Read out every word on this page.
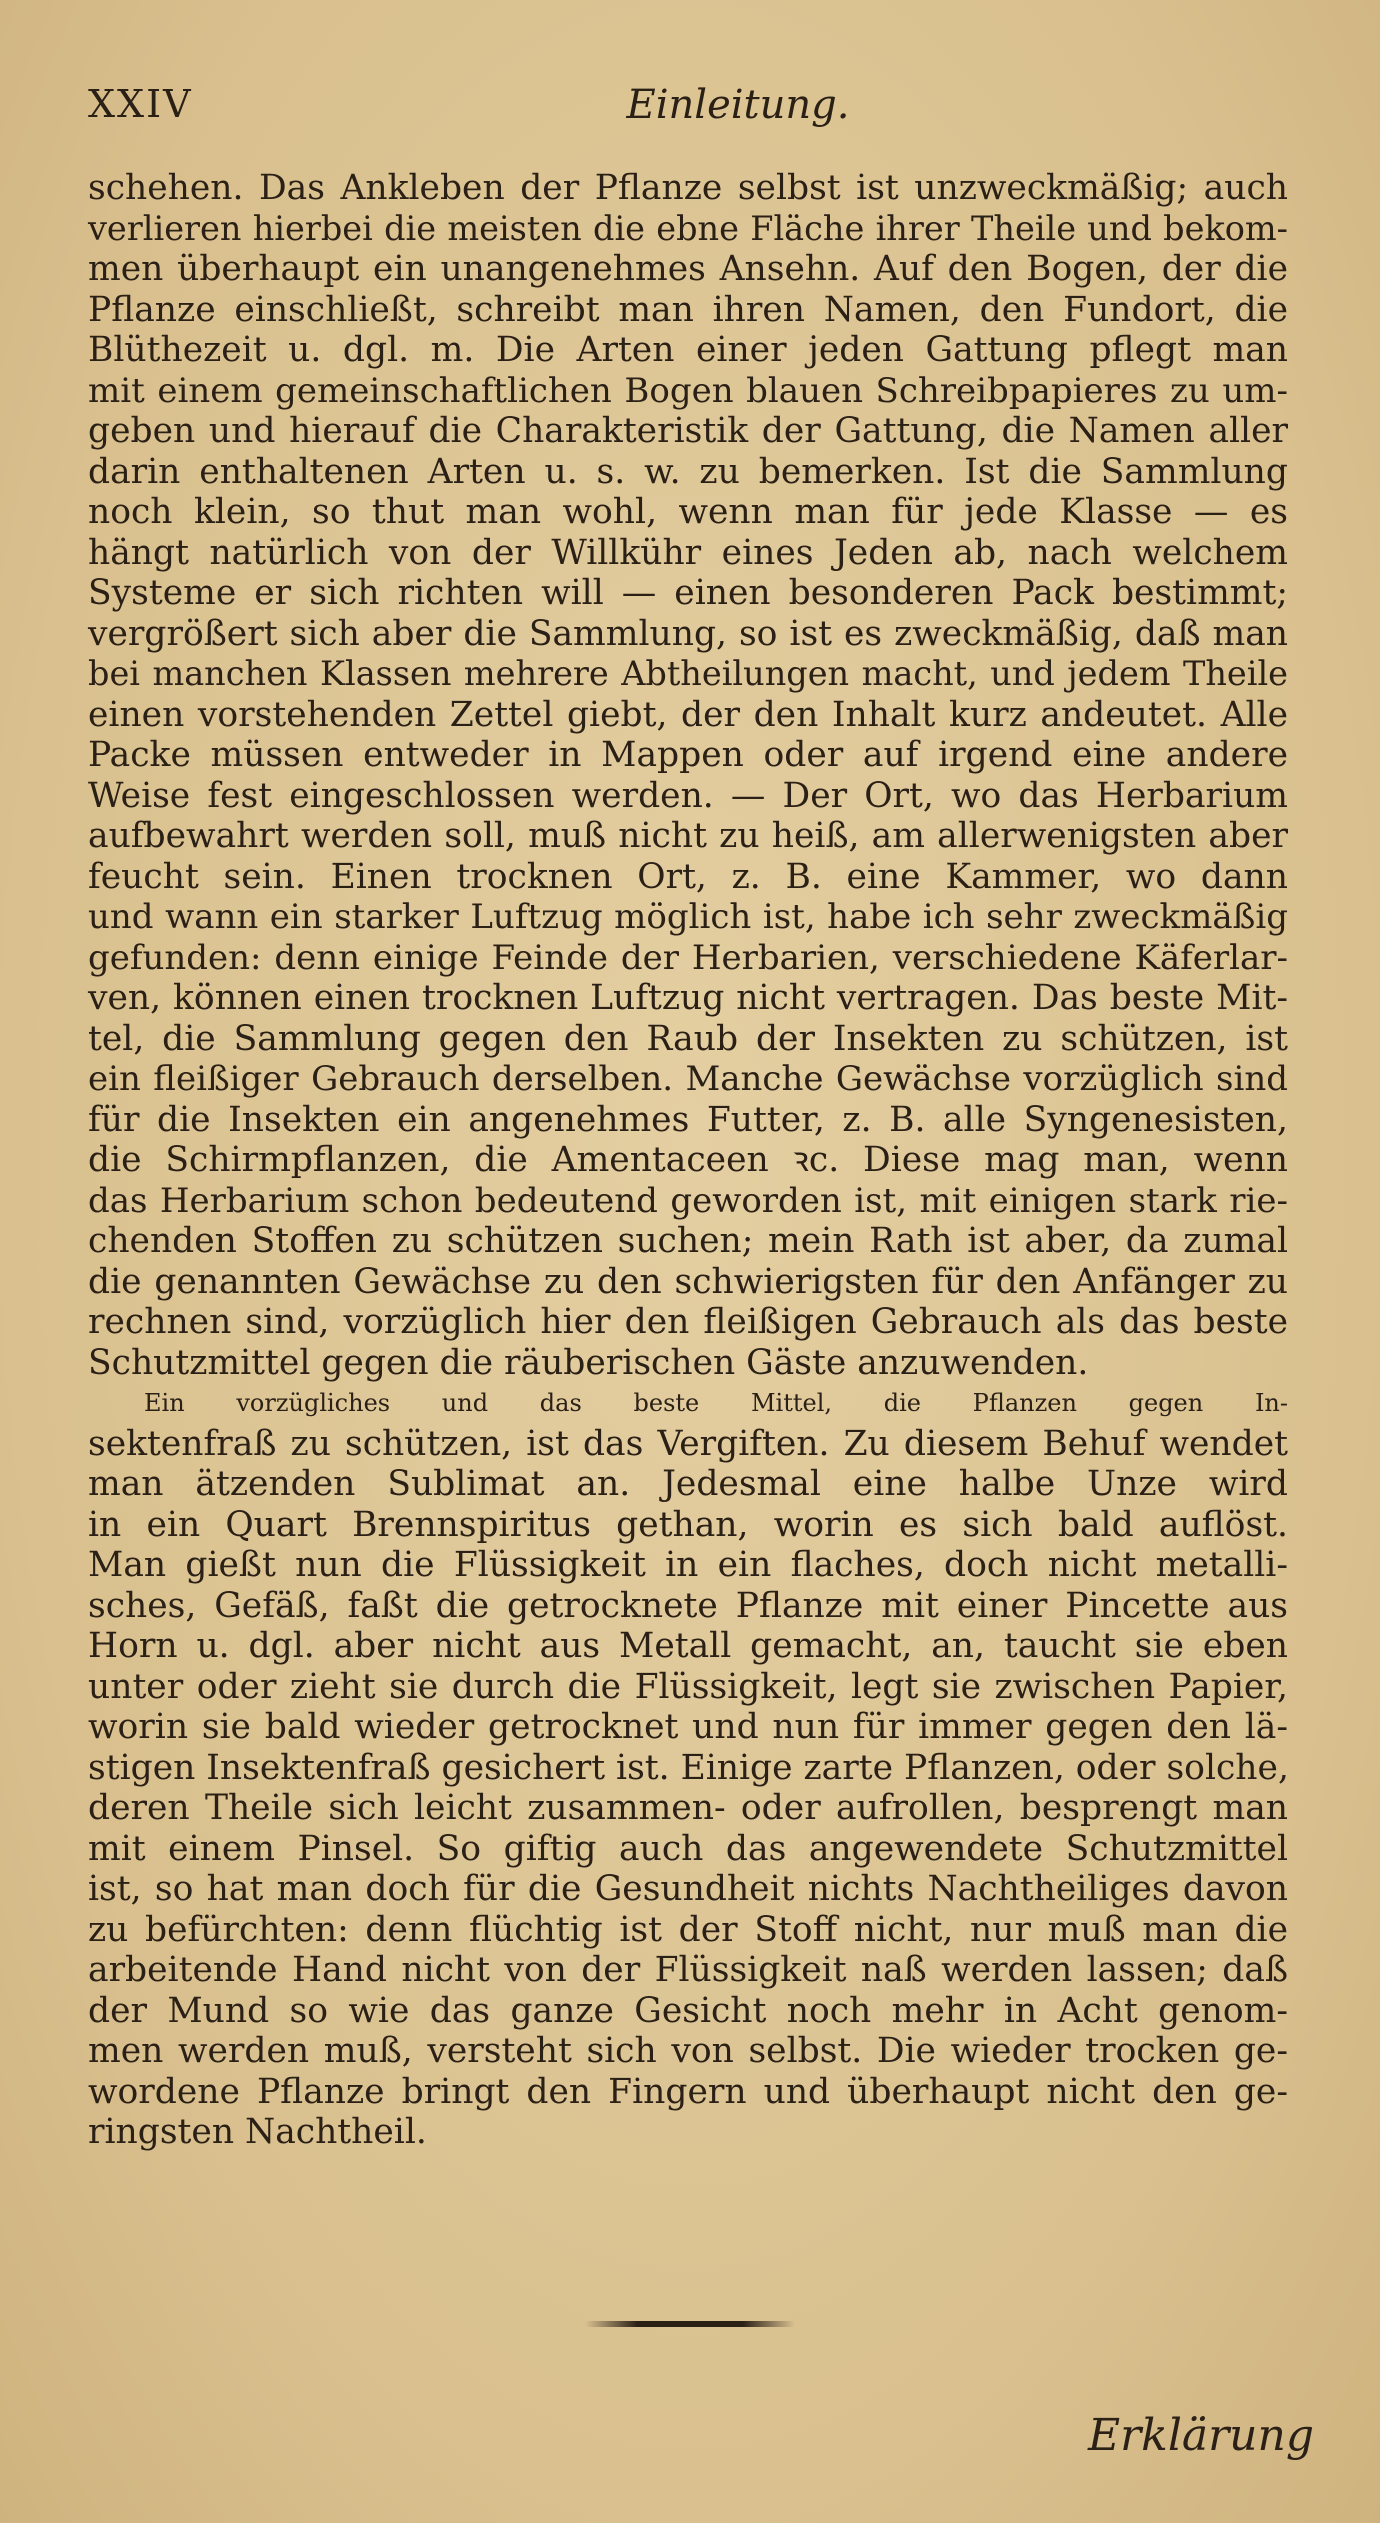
XXIV	Einleitung.
schehen. Das Ankleben der Pflanze selbst ist unzweckmäßig; auch
verlieren hierbei die meisten die ebne Fläche ihrer Theile und bekom-
men überhaupt ein unangenehmes Ansehn. Auf den Bogen, der die
Pflanze einschließt, schreibt man ihren Namen, den Fundort, die
Blüthezeit u. dgl. m. Die Arten einer jeden Gattung pflegt man
mit einem gemeinschaftlichen Bogen blauen Schreibpapieres zu um-
geben und hierauf die Charakteristik der Gattung, die Namen aller
darin enthaltenen Arten u. s. w. zu bemerken. Ist die Sammlung
noch klein, so thut man wohl, wenn man für jede Klasse — es
hängt natürlich von der Willkühr eines Jeden ab, nach welchem
Systeme er sich richten will — einen besonderen Pack bestimmt;
vergrößert sich aber die Sammlung, so ist es zweckmäßig, daß man
bei manchen Klassen mehrere Abtheilungen macht, und jedem Theile
einen vorstehenden Zettel giebt, der den Inhalt kurz andeutet. Alle
Packe müssen entweder in Mappen oder auf irgend eine andere
Weise fest eingeschlossen werden. — Der Ort, wo das Herbarium
aufbewahrt werden soll, muß nicht zu heiß, am allerwenigsten aber
feucht sein. Einen trocknen Ort, z. B. eine Kammer, wo dann
und wann ein starker Luftzug möglich ist, habe ich sehr zweckmäßig
gefunden: denn einige Feinde der Herbarien, verschiedene Käferlar-
ven, können einen trocknen Luftzug nicht vertragen. Das beste Mit-
tel, die Sammlung gegen den Raub der Insekten zu schützen, ist
ein fleißiger Gebrauch derselben. Manche Gewächse vorzüglich sind
für die Insekten ein angenehmes Futter, z. B. alle Syngenesisten,
die Schirmpflanzen, die Amentaceen ꝛc. Diese mag man, wenn
das Herbarium schon bedeutend geworden ist, mit einigen stark rie-
chenden Stoffen zu schützen suchen; mein Rath ist aber, da zumal
die genannten Gewächse zu den schwierigsten für den Anfänger zu
rechnen sind, vorzüglich hier den fleißigen Gebrauch als das beste
Schutzmittel gegen die räuberischen Gäste anzuwenden.
Ein vorzügliches und das beste Mittel, die Pflanzen gegen In-
sektenfraß zu schützen, ist das Vergiften. Zu diesem Behuf wendet
man ätzenden Sublimat an. Jedesmal eine halbe Unze wird
in ein Quart Brennspiritus gethan, worin es sich bald auflöst.
Man gießt nun die Flüssigkeit in ein flaches, doch nicht metalli-
sches, Gefäß, faßt die getrocknete Pflanze mit einer Pincette aus
Horn u. dgl. aber nicht aus Metall gemacht, an, taucht sie eben
unter oder zieht sie durch die Flüssigkeit, legt sie zwischen Papier,
worin sie bald wieder getrocknet und nun für immer gegen den lä-
stigen Insektenfraß gesichert ist. Einige zarte Pflanzen, oder solche,
deren Theile sich leicht zusammen- oder aufrollen, besprengt man
mit einem Pinsel. So giftig auch das angewendete Schutzmittel
ist, so hat man doch für die Gesundheit nichts Nachtheiliges davon
zu befürchten: denn flüchtig ist der Stoff nicht, nur muß man die
arbeitende Hand nicht von der Flüssigkeit naß werden lassen; daß
der Mund so wie das ganze Gesicht noch mehr in Acht genom-
men werden muß, versteht sich von selbst. Die wieder trocken ge-
wordene Pflanze bringt den Fingern und überhaupt nicht den ge-
ringsten Nachtheil.
Erklärung
